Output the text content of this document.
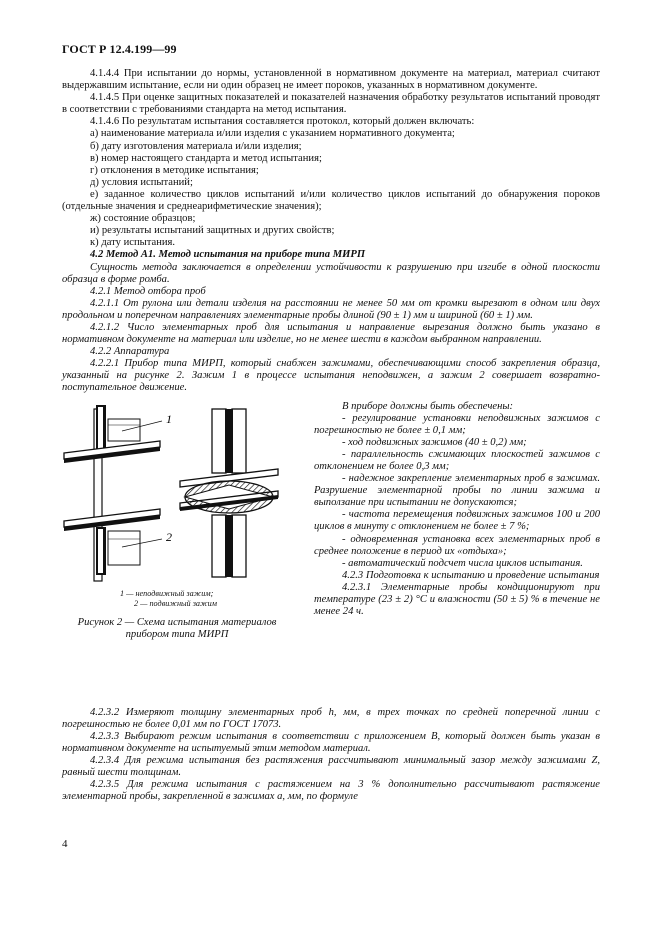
ГОСТ Р 12.4.199—99

4.1.4.4 При испытании до нормы, установленной в нормативном документе на материал, материал считают выдержавшим испытание, если ни один образец не имеет пороков, указанных в нормативном документе.

4.1.4.5 При оценке защитных показателей и показателей назначения обработку результатов испытаний проводят в соответствии с требованиями стандарта на метод испытания.

4.1.4.6 По результатам испытания составляется протокол, который должен включать:

а) наименование материала и/или изделия с указанием нормативного документа;

б) дату изготовления материала и/или изделия;

в) номер настоящего стандарта и метод испытания;

г) отклонения в методике испытания;

д) условия испытаний;

е) заданное количество циклов испытаний и/или количество циклов испытаний до обнаружения пороков (отдельные значения и среднеарифметические значения);

ж) состояние образцов;

и) результаты испытаний защитных и других свойств;

к) дату испытания.

4.2 Метод А1. Метод испытания на приборе типа МИРП

Сущность метода заключается в определении устойчивости к разрушению при изгибе в одной плоскости образца в форме ромба.

4.2.1 Метод отбора проб

4.2.1.1 От рулона или детали изделия на расстоянии не менее 50 мм от кромки вырезают в одном или двух продольном и поперечном направлениях элементарные пробы длиной (90 ± 1) мм и шириной (60 ± 1) мм.

4.2.1.2 Число элементарных проб для испытания и направление вырезания должно быть указано в нормативном документе на материал или изделие, но не менее шести в каждом выбранном направлении.

4.2.2 Аппаратура

4.2.2.1 Прибор типа МИРП, который снабжен зажимами, обеспечивающими способ закрепления образца, указанный на рисунке 2. Зажим 1 в процессе испытания неподвижен, а зажим 2 совершает возвратно-поступательное движение.

1
2

1 — неподвижный зажим;

2 — подвижный зажим

Рисунок 2 — Схема испытания материалов прибором типа МИРП

В приборе должны быть обеспечены:

- регулирование установки неподвижных зажимов с погрешностью не более ± 0,1 мм;

- ход подвижных зажимов (40 ± 0,2) мм;

- параллельность сжимающих плоскостей зажимов с отклонением не более 0,3 мм;

- надежное закрепление элементарных проб в зажимах. Разрушение элементарной пробы по линии зажима и выползание при испытании не допускаются;

- частота перемещения подвижных зажимов 100 и 200 циклов в минуту с отклонением не более ± 7 %;

- одновременная установка всех элементарных проб в среднее положение в период их «отдыха»;

- автоматический подсчет числа циклов испытания.

4.2.3 Подготовка к испытанию и проведение испытания

4.2.3.1 Элементарные пробы кондиционируют при температуре (23 ± 2) °С и влажности (50 ± 5) % в течение не менее 24 ч.

4.2.3.2 Измеряют толщину элементарных проб h, мм, в трех точках по средней поперечной линии с погрешностью не более 0,01 мм по ГОСТ 17073.

4.2.3.3 Выбирают режим испытания в соответствии с приложением В, который должен быть указан в нормативном документе на испытуемый этим методом материал.

4.2.3.4 Для режима испытания без растяжения рассчитывают минимальный зазор между зажимами Z, равный шести толщинам.

4.2.3.5 Для режима испытания с растяжением на 3 % дополнительно рассчитывают растяжение элементарной пробы, закрепленной в зажимах a, мм, по формуле

4
